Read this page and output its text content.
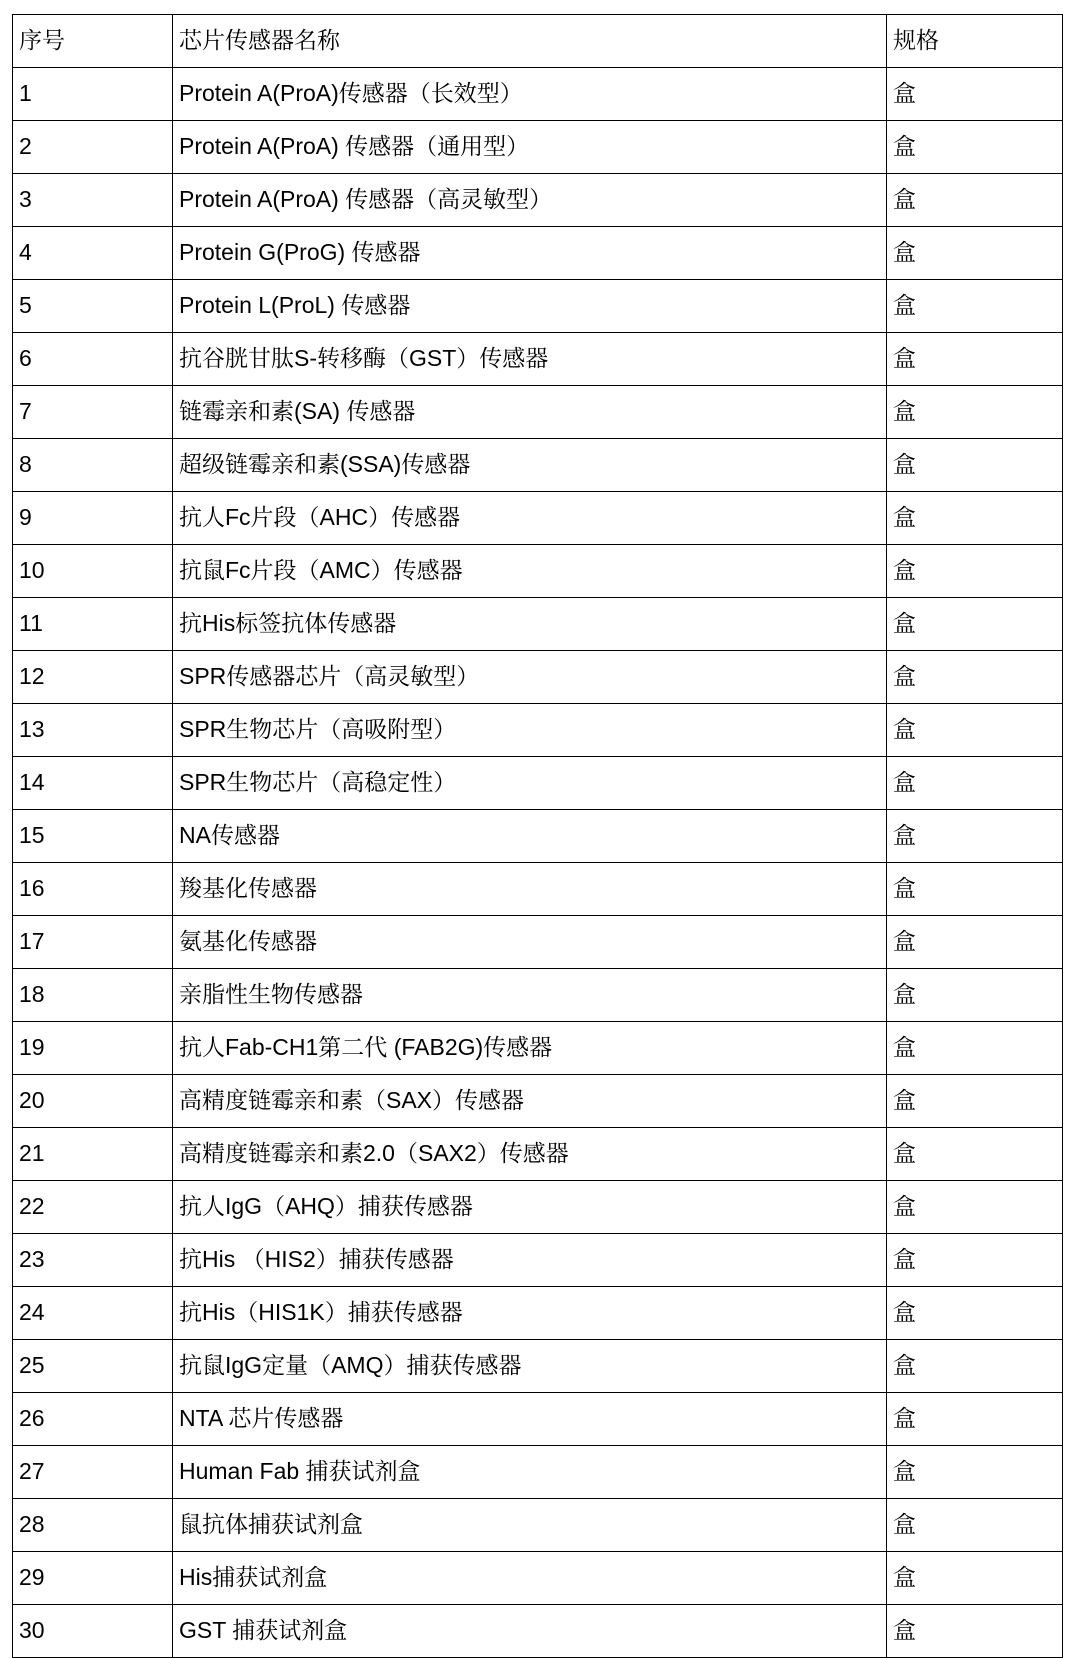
序号	芯片传感器名称	规格
1	Protein A(ProA)传感器（长效型）	盒
2	Protein A(ProA) 传感器（通用型）	盒
3	Protein A(ProA) 传感器（高灵敏型）	盒
4	Protein G(ProG) 传感器	盒
5	Protein L(ProL) 传感器	盒
6	抗谷胱甘肽S-转移酶（GST）传感器	盒
7	链霉亲和素(SA) 传感器	盒
8	超级链霉亲和素(SSA)传感器	盒
9	抗人Fc片段（AHC）传感器	盒
10	抗鼠Fc片段（AMC）传感器	盒
11	抗His标签抗体传感器	盒
12	SPR传感器芯片（高灵敏型）	盒
13	SPR生物芯片（高吸附型）	盒
14	SPR生物芯片（高稳定性）	盒
15	NA传感器	盒
16	羧基化传感器	盒
17	氨基化传感器	盒
18	亲脂性生物传感器	盒
19	抗人Fab-CH1第二代 (FAB2G)传感器	盒
20	高精度链霉亲和素（SAX）传感器	盒
21	高精度链霉亲和素2.0（SAX2）传感器	盒
22	抗人IgG（AHQ）捕获传感器	盒
23	抗His （HIS2）捕获传感器	盒
24	抗His（HIS1K）捕获传感器	盒
25	抗鼠IgG定量（AMQ）捕获传感器	盒
26	NTA 芯片传感器	盒
27	Human Fab 捕获试剂盒	盒
28	鼠抗体捕获试剂盒	盒
29	His捕获试剂盒	盒
30	GST 捕获试剂盒	盒
